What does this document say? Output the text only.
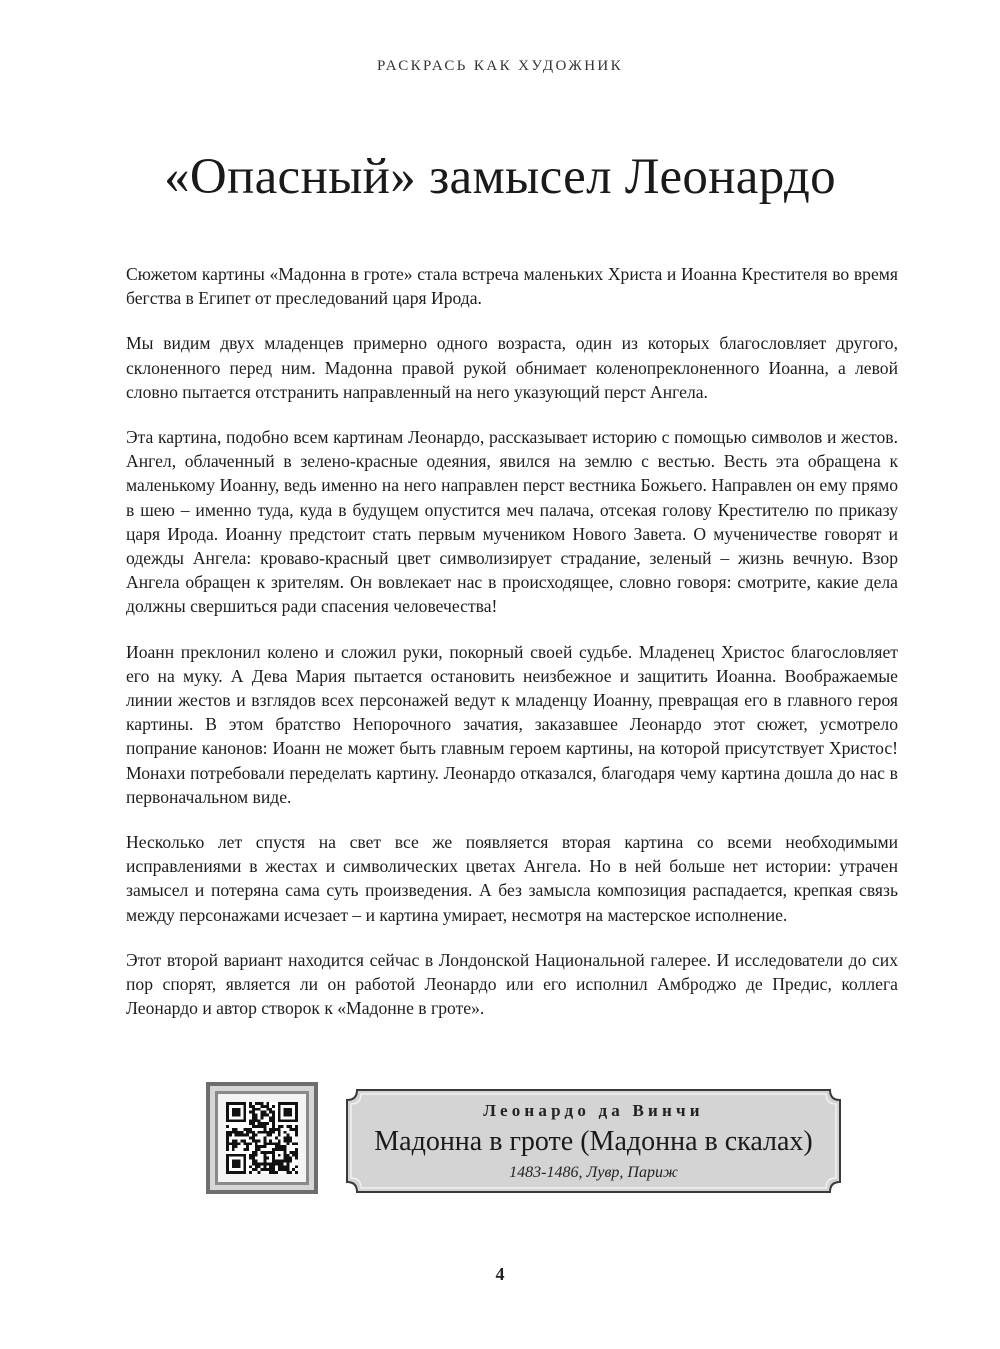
РАСКРАСЬ КАК ХУДОЖНИК
«Опасный» замысел Леонардо

Сюжетом картины «Мадонна в гроте» стала встреча маленьких Христа и Иоанна Крестителя во время бегства в Египет от преследований царя Ирода.

Мы видим двух младенцев примерно одного возраста, один из которых благословляет другого, склоненного перед ним. Мадонна правой рукой обнимает коленопреклоненного Иоанна, а левой словно пытается отстранить направленный на него указующий перст Ангела.

Эта картина, подобно всем картинам Леонардо, рассказывает историю с помощью символов и жестов. Ангел, облаченный в зелено-красные одеяния, явился на землю с вестью. Весть эта обращена к маленькому Иоанну, ведь именно на него направлен перст вестника Божьего. Направлен он ему прямо в шею – именно туда, куда в будущем опустится меч палача, отсекая голову Крестителю по приказу царя Ирода. Иоанну предстоит стать первым мучеником Нового Завета. О мученичестве говорят и одежды Ангела: кроваво-красный цвет символизирует страдание, зеленый – жизнь вечную. Взор Ангела обращен к зрителям. Он вовлекает нас в происходящее, словно говоря: смотрите, какие дела должны свершиться ради спасения человечества!

Иоанн преклонил колено и сложил руки, покорный своей судьбе. Младенец Христос благословляет его на муку. А Дева Мария пытается остановить неизбежное и защитить Иоанна. Воображаемые линии жестов и взглядов всех персонажей ведут к младенцу Иоанну, превращая его в главного героя картины. В этом братство Непорочного зачатия, заказавшее Леонардо этот сюжет, усмотрело попрание канонов: Иоанн не может быть главным героем картины, на которой присутствует Христос! Монахи потребовали переделать картину. Леонардо отказался, благодаря чему картина дошла до нас в первоначальном виде.

Несколько лет спустя на свет все же появляется вторая картина со всеми необходимыми исправлениями в жестах и символических цветах Ангела. Но в ней больше нет истории: утрачен замысел и потеряна сама суть произведения. А без замысла композиция распадается, крепкая связь между персонажами исчезает – и картина умирает, несмотря на мастерское исполнение.

Этот второй вариант находится сейчас в Лондонской Национальной галерее. И исследователи до сих пор спорят, является ли он работой Леонардо или его исполнил Амброджо де Предис, коллега Леонардо и автор створок к «Мадонне в гроте».

Леонардо да Винчи
Мадонна в гроте (Мадонна в скалах)
1483-1486, Лувр, Париж
4
